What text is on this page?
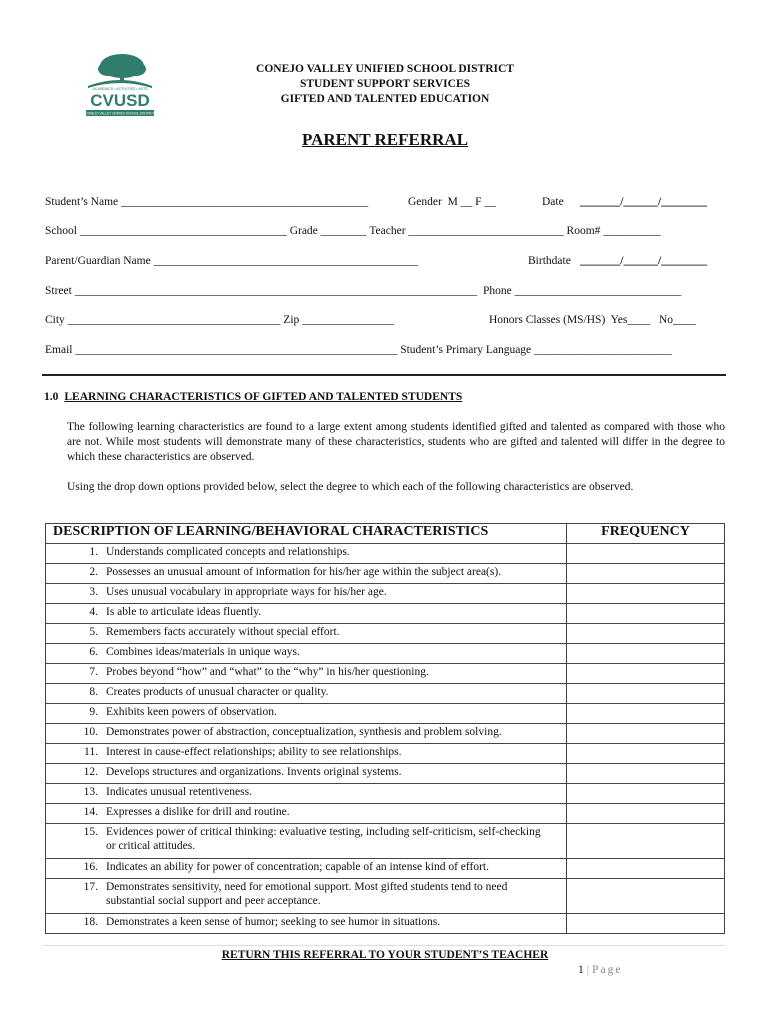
ACADEMICS • ACTIVITIES • ARTS
CVUSD
CONEJO VALLEY UNIFIED SCHOOL DISTRICT
CONEJO VALLEY UNIFIED SCHOOL DISTRICT
STUDENT SUPPORT SERVICES
GIFTED AND TALENTED EDUCATION
PARENT REFERRAL
Student’s Name ___________________________________________	Gender  M __ F __	Date _______/______/________
School ____________________________________ Grade ________ Teacher ___________________________ Room# __________
Parent/Guardian Name ______________________________________________	Birthdate _______/______/________
Street ______________________________________________________________________  Phone _____________________________
City _____________________________________ Zip ________________	Honors Classes (MS/HS)  Yes____   No____
Email ________________________________________________________ Student’s Primary Language ________________________
1.0 LEARNING CHARACTERISTICS OF GIFTED AND TALENTED STUDENTS
The following learning characteristics are found to a large extent among students identified gifted and talented as compared with those who are not. While most students will demonstrate many of these characteristics, students who are gifted and talented will differ in the degree to which these characteristics are observed.
Using the drop down options provided below, select the degree to which each of the following characteristics are observed.
DESCRIPTION OF LEARNING/BEHAVIORAL CHARACTERISTICS	FREQUENCY
1. Understands complicated concepts and relationships.	
2. Possesses an unusual amount of information for his/her age within the subject area(s).	
3. Uses unusual vocabulary in appropriate ways for his/her age.	
4. Is able to articulate ideas fluently.	
5. Remembers facts accurately without special effort.	
6. Combines ideas/materials in unique ways.	
7. Probes beyond “how” and “what” to the “why” in his/her questioning.	
8. Creates products of unusual character or quality.	
9. Exhibits keen powers of observation.	
10. Demonstrates power of abstraction, conceptualization, synthesis and problem solving.	
11. Interest in cause-effect relationships; ability to see relationships.	
12. Develops structures and organizations. Invents original systems.	
13. Indicates unusual retentiveness.	
14. Expresses a dislike for drill and routine.	
15. Evidences power of critical thinking: evaluative testing, including self-criticism, self-checking or critical attitudes.	
16. Indicates an ability for power of concentration; capable of an intense kind of effort.	
17. Demonstrates sensitivity, need for emotional support. Most gifted students tend to need substantial social support and peer acceptance.	
18. Demonstrates a keen sense of humor; seeking to see humor in situations.	
RETURN THIS REFERRAL TO YOUR STUDENT’S TEACHER
1 | Page
